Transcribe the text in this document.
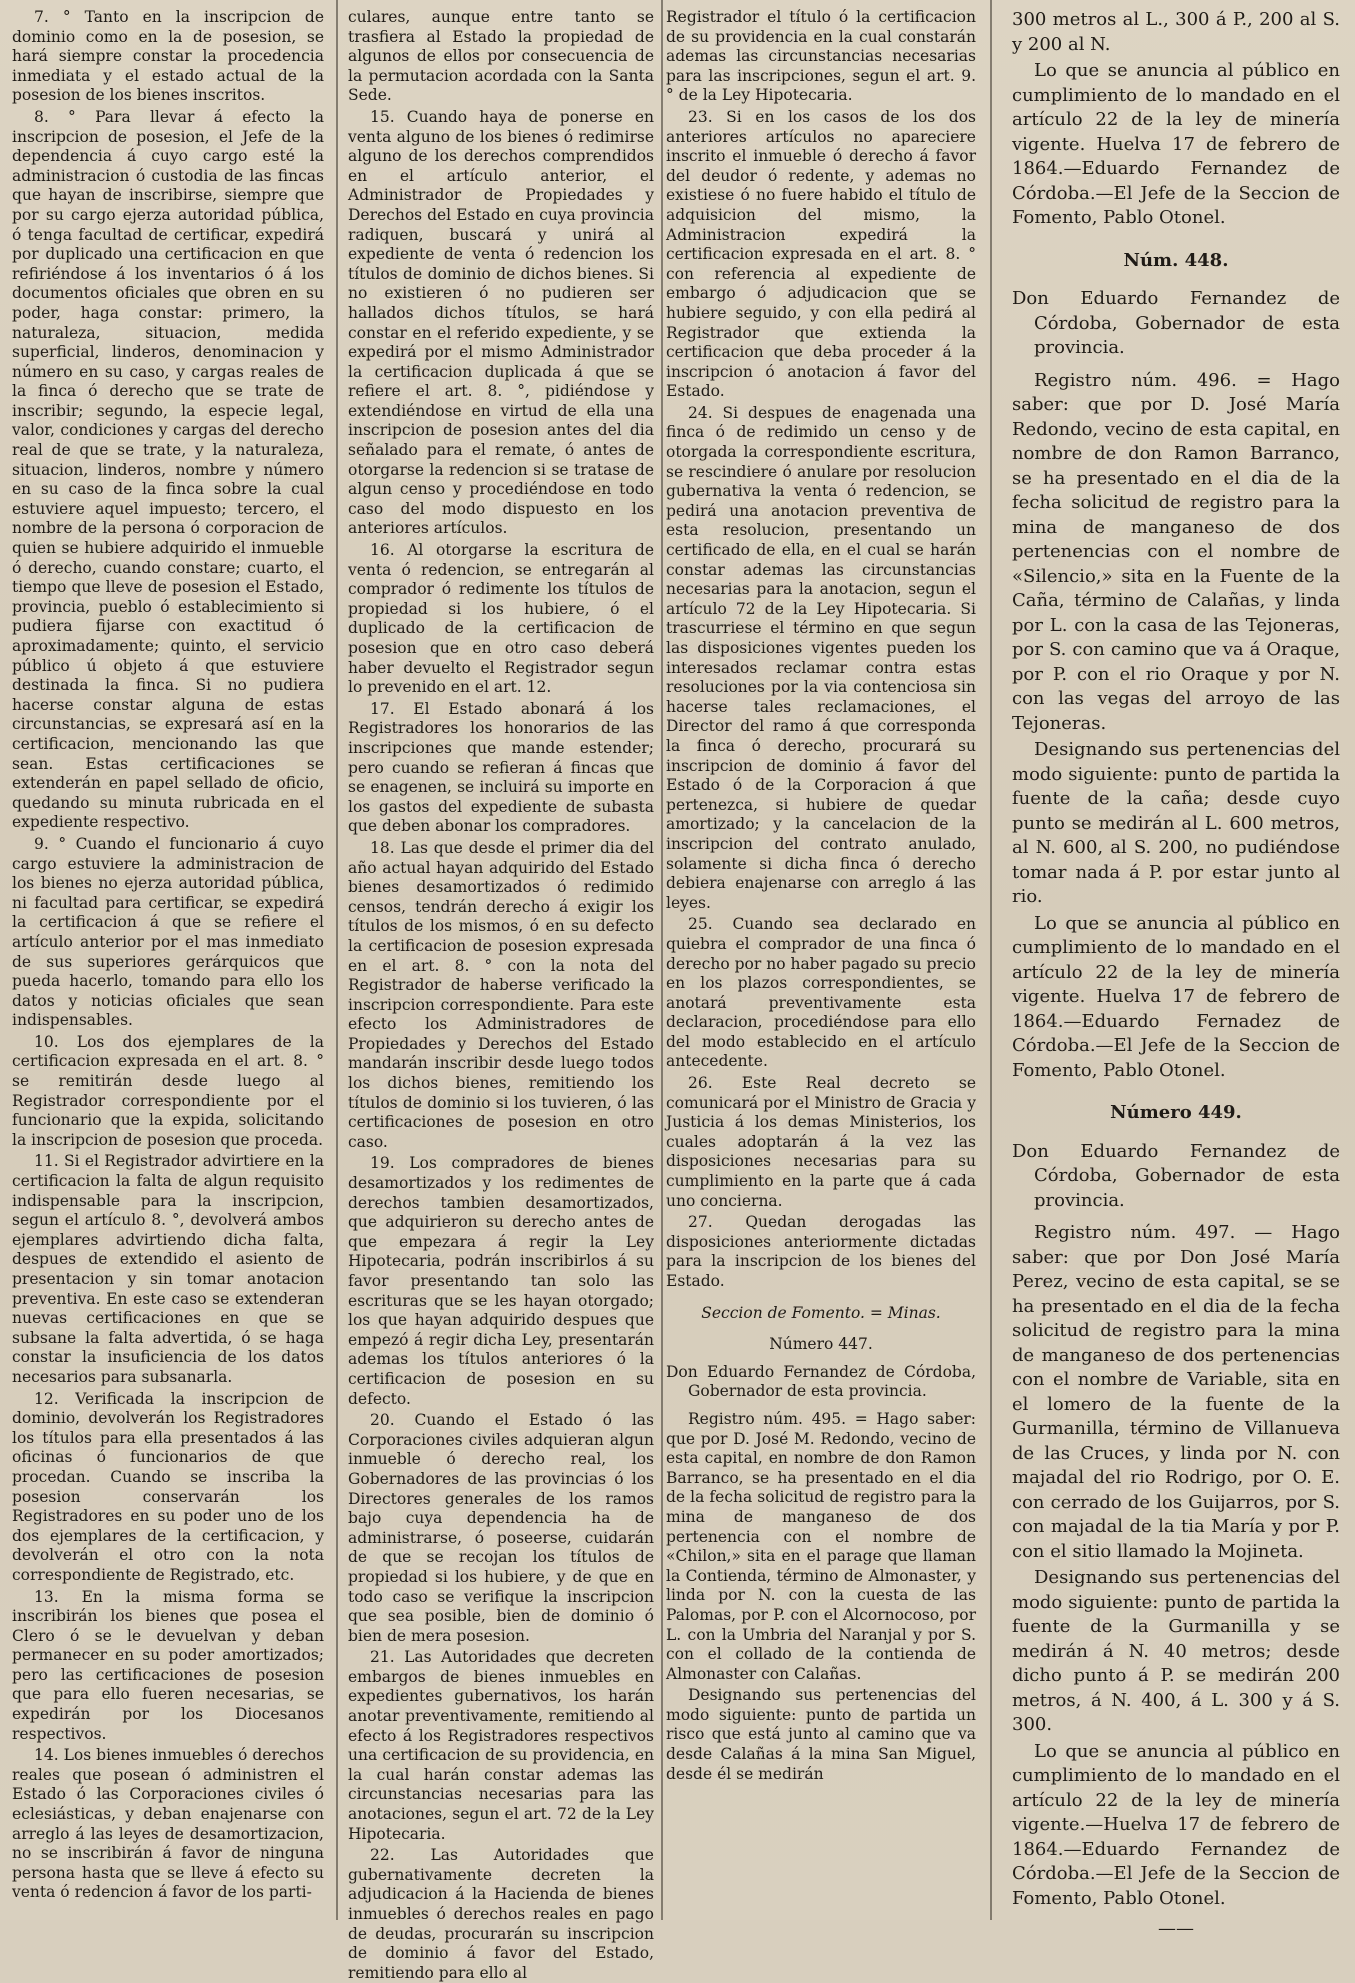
7. ° Tanto en la inscripcion de dominio como en la de posesion, se hará siempre constar la procedencia inmediata y el estado actual de la posesion de los bienes inscritos.

8. ° Para llevar á efecto la inscripcion de posesion, el Jefe de la dependencia á cuyo cargo esté la administracion ó custodia de las fincas que hayan de inscribirse, siempre que por su cargo ejerza autoridad pública, ó tenga facultad de certificar, expedirá por duplicado una certificacion en que refiriéndose á los inventarios ó á los documentos oficiales que obren en su poder, haga constar: primero, la naturaleza, situacion, medida superficial, linderos, denominacion y número en su caso, y cargas reales de la finca ó derecho que se trate de inscribir; segundo, la especie legal, valor, condiciones y cargas del derecho real de que se trate, y la naturaleza, situacion, linderos, nombre y número en su caso de la finca sobre la cual estuviere aquel impuesto; tercero, el nombre de la persona ó corporacion de quien se hubiere adquirido el inmueble ó derecho, cuando constare; cuarto, el tiempo que lleve de posesion el Estado, provincia, pueblo ó establecimiento si pudiera fijarse con exactitud ó aproximadamente; quinto, el servicio público ú objeto á que estuviere destinada la finca. Si no pudiera hacerse constar alguna de estas circunstancias, se expresará así en la certificacion, mencionando las que sean. Estas certificaciones se extenderán en papel sellado de oficio, quedando su minuta rubricada en el expediente respectivo.

9. ° Cuando el funcionario á cuyo cargo estuviere la administracion de los bienes no ejerza autoridad pública, ni facultad para certificar, se expedirá la certificacion á que se refiere el artículo anterior por el mas inmediato de sus superiores gerárquicos que pueda hacerlo, tomando para ello los datos y noticias oficiales que sean indispensables.

10. Los dos ejemplares de la certificacion expresada en el art. 8. ° se remitirán desde luego al Registrador correspondiente por el funcionario que la expida, solicitando la inscripcion de posesion que proceda.

11. Si el Registrador advirtiere en la certificacion la falta de algun requisito indispensable para la inscripcion, segun el artículo 8. °, devolverá ambos ejemplares advirtiendo dicha falta, despues de extendido el asiento de presentacion y sin tomar anotacion preventiva. En este caso se extenderan nuevas certificaciones en que se subsane la falta advertida, ó se haga constar la insuficiencia de los datos necesarios para subsanarla.

12. Verificada la inscripcion de dominio, devolverán los Registradores los títulos para ella presentados á las oficinas ó funcionarios de que procedan. Cuando se inscriba la posesion conservarán los Registradores en su poder uno de los dos ejemplares de la certificacion, y devolverán el otro con la nota correspondiente de Registrado, etc.

13. En la misma forma se inscribirán los bienes que posea el Clero ó se le devuelvan y deban permanecer en su poder amortizados; pero las certificaciones de posesion que para ello fueren necesarias, se expedirán por los Diocesanos respectivos.

14. Los bienes inmuebles ó derechos reales que posean ó administren el Estado ó las Corporaciones civiles ó eclesiásticas, y deban enajenarse con arreglo á las leyes de desamortizacion, no se inscribirán á favor de ninguna persona hasta que se lleve á efecto su venta ó redencion á favor de los parti-

culares, aunque entre tanto se trasfiera al Estado la propiedad de algunos de ellos por consecuencia de la permutacion acordada con la Santa Sede.

15. Cuando haya de ponerse en venta alguno de los bienes ó redimirse alguno de los derechos comprendidos en el artículo anterior, el Administrador de Propiedades y Derechos del Estado en cuya provincia radiquen, buscará y unirá al expediente de venta ó redencion los títulos de dominio de dichos bienes. Si no existieren ó no pudieren ser hallados dichos títulos, se hará constar en el referido expediente, y se expedirá por el mismo Administrador la certificacion duplicada á que se refiere el art. 8. °, pidiéndose y extendiéndose en virtud de ella una inscripcion de posesion antes del dia señalado para el remate, ó antes de otorgarse la redencion si se tratase de algun censo y procediéndose en todo caso del modo dispuesto en los anteriores artículos.

16. Al otorgarse la escritura de venta ó redencion, se entregarán al comprador ó redimente los títulos de propiedad si los hubiere, ó el duplicado de la certificacion de posesion que en otro caso deberá haber devuelto el Registrador segun lo prevenido en el art. 12.

17. El Estado abonará á los Registradores los honorarios de las inscripciones que mande estender; pero cuando se refieran á fincas que se enagenen, se incluirá su importe en los gastos del expediente de subasta que deben abonar los compradores.

18. Las que desde el primer dia del año actual hayan adquirido del Estado bienes desamortizados ó redimido censos, tendrán derecho á exigir los títulos de los mismos, ó en su defecto la certificacion de posesion expresada en el art. 8. ° con la nota del Registrador de haberse verificado la inscripcion correspondiente. Para este efecto los Administradores de Propiedades y Derechos del Estado mandarán inscribir desde luego todos los dichos bienes, remitiendo los títulos de dominio si los tuvieren, ó las certificaciones de posesion en otro caso.

19. Los compradores de bienes desamortizados y los redimentes de derechos tambien desamortizados, que adquirieron su derecho antes de que empezara á regir la Ley Hipotecaria, podrán inscribirlos á su favor presentando tan solo las escrituras que se les hayan otorgado; los que hayan adquirido despues que empezó á regir dicha Ley, presentarán ademas los títulos anteriores ó la certificacion de posesion en su defecto.

20. Cuando el Estado ó las Corporaciones civiles adquieran algun inmueble ó derecho real, los Gobernadores de las provincias ó los Directores generales de los ramos bajo cuya dependencia ha de administrarse, ó poseerse, cuidarán de que se recojan los títulos de propiedad si los hubiere, y de que en todo caso se verifique la inscripcion que sea posible, bien de dominio ó bien de mera posesion.

21. Las Autoridades que decreten embargos de bienes inmuebles en expedientes gubernativos, los harán anotar preventivamente, remitiendo al efecto á los Registradores respectivos una certificacion de su providencia, en la cual harán constar ademas las circunstancias necesarias para las anotaciones, segun el art. 72 de la Ley Hipotecaria.

22. Las Autoridades que gubernativamente decreten la adjudicacion á la Hacienda de bienes inmuebles ó derechos reales en pago de deudas, procurarán su inscripcion de dominio á favor del Estado, remitiendo para ello al

Registrador el título ó la certificacion de su providencia en la cual constarán ademas las circunstancias necesarias para las inscripciones, segun el art. 9. ° de la Ley Hipotecaria.

23. Si en los casos de los dos anteriores artículos no apareciere inscrito el inmueble ó derecho á favor del deudor ó redente, y ademas no existiese ó no fuere habido el título de adquisicion del mismo, la Administracion expedirá la certificacion expresada en el art. 8. ° con referencia al expediente de embargo ó adjudicacion que se hubiere seguido, y con ella pedirá al Registrador que extienda la certificacion que deba proceder á la inscripcion ó anotacion á favor del Estado.

24. Si despues de enagenada una finca ó de redimido un censo y de otorgada la correspondiente escritura, se rescindiere ó anulare por resolucion gubernativa la venta ó redencion, se pedirá una anotacion preventiva de esta resolucion, presentando un certificado de ella, en el cual se harán constar ademas las circunstancias necesarias para la anotacion, segun el artículo 72 de la Ley Hipotecaria. Si trascurriese el término en que segun las disposiciones vigentes pueden los interesados reclamar contra estas resoluciones por la via contenciosa sin hacerse tales reclamaciones, el Director del ramo á que corresponda la finca ó derecho, procurará su inscripcion de dominio á favor del Estado ó de la Corporacion á que pertenezca, si hubiere de quedar amortizado; y la cancelacion de la inscripcion del contrato anulado, solamente si dicha finca ó derecho debiera enajenarse con arreglo á las leyes.

25. Cuando sea declarado en quiebra el comprador de una finca ó derecho por no haber pagado su precio en los plazos correspondientes, se anotará preventivamente esta declaracion, procediéndose para ello del modo establecido en el artículo antecedente.

26. Este Real decreto se comunicará por el Ministro de Gracia y Justicia á los demas Ministerios, los cuales adoptarán á la vez las disposiciones necesarias para su cumplimiento en la parte que á cada uno concierna.

27. Quedan derogadas las disposiciones anteriormente dictadas para la inscripcion de los bienes del Estado.

Seccion de Fomento. = Minas.

Número 447.

Don Eduardo Fernandez de Córdoba, Gobernador de esta provincia.

Registro núm. 495. = Hago saber: que por D. José M. Redondo, vecino de esta capital, en nombre de don Ramon Barranco, se ha presentado en el dia de la fecha solicitud de registro para la mina de manganeso de dos pertenencia con el nombre de «Chilon,» sita en el parage que llaman la Contienda, término de Almonaster, y linda por N. con la cuesta de las Palomas, por P. con el Alcornocoso, por L. con la Umbria del Naranjal y por S. con el collado de la contienda de Almonaster con Calañas.

Designando sus pertenencias del modo siguiente: punto de partida un risco que está junto al camino que va desde Calañas á la mina San Miguel, desde él se medirán

300 metros al L., 300 á P., 200 al S. y 200 al N.

Lo que se anuncia al público en cumplimiento de lo mandado en el artículo 22 de la ley de minería vigente. Huelva 17 de febrero de 1864.—Eduardo Fernandez de Córdoba.—El Jefe de la Seccion de Fomento, Pablo Otonel.

Núm. 448.

Don Eduardo Fernandez de Córdoba, Gobernador de esta provincia.

Registro núm. 496. = Hago saber: que por D. José María Redondo, vecino de esta capital, en nombre de don Ramon Barranco, se ha presentado en el dia de la fecha solicitud de registro para la mina de manganeso de dos pertenencias con el nombre de «Silencio,» sita en la Fuente de la Caña, término de Calañas, y linda por L. con la casa de las Tejoneras, por S. con camino que va á Oraque, por P. con el rio Oraque y por N. con las vegas del arroyo de las Tejoneras.

Designando sus pertenencias del modo siguiente: punto de partida la fuente de la caña; desde cuyo punto se medirán al L. 600 metros, al N. 600, al S. 200, no pudiéndose tomar nada á P. por estar junto al rio.

Lo que se anuncia al público en cumplimiento de lo mandado en el artículo 22 de la ley de minería vigente. Huelva 17 de febrero de 1864.—Eduardo Fernadez de Córdoba.—El Jefe de la Seccion de Fomento, Pablo Otonel.

Número 449.

Don Eduardo Fernandez de Córdoba, Gobernador de esta provincia.

Registro núm. 497. — Hago saber: que por Don José María Perez, vecino de esta capital, se se ha presentado en el dia de la fecha solicitud de registro para la mina de manganeso de dos pertenencias con el nombre de Variable, sita en el lomero de la fuente de la Gurmanilla, término de Villanueva de las Cruces, y linda por N. con majadal del rio Rodrigo, por O. E. con cerrado de los Guijarros, por S. con majadal de la tia María y por P. con el sitio llamado la Mojineta.

Designando sus pertenencias del modo siguiente: punto de partida la fuente de la Gurmanilla y se medirán á N. 40 metros; desde dicho punto á P. se medirán 200 metros, á N. 400, á L. 300 y á S. 300.

Lo que se anuncia al público en cumplimiento de lo mandado en el artículo 22 de la ley de minería vigente.—Huelva 17 de febrero de 1864.—Eduardo Fernandez de Córdoba.—El Jefe de la Seccion de Fomento, Pablo Otonel.

——
